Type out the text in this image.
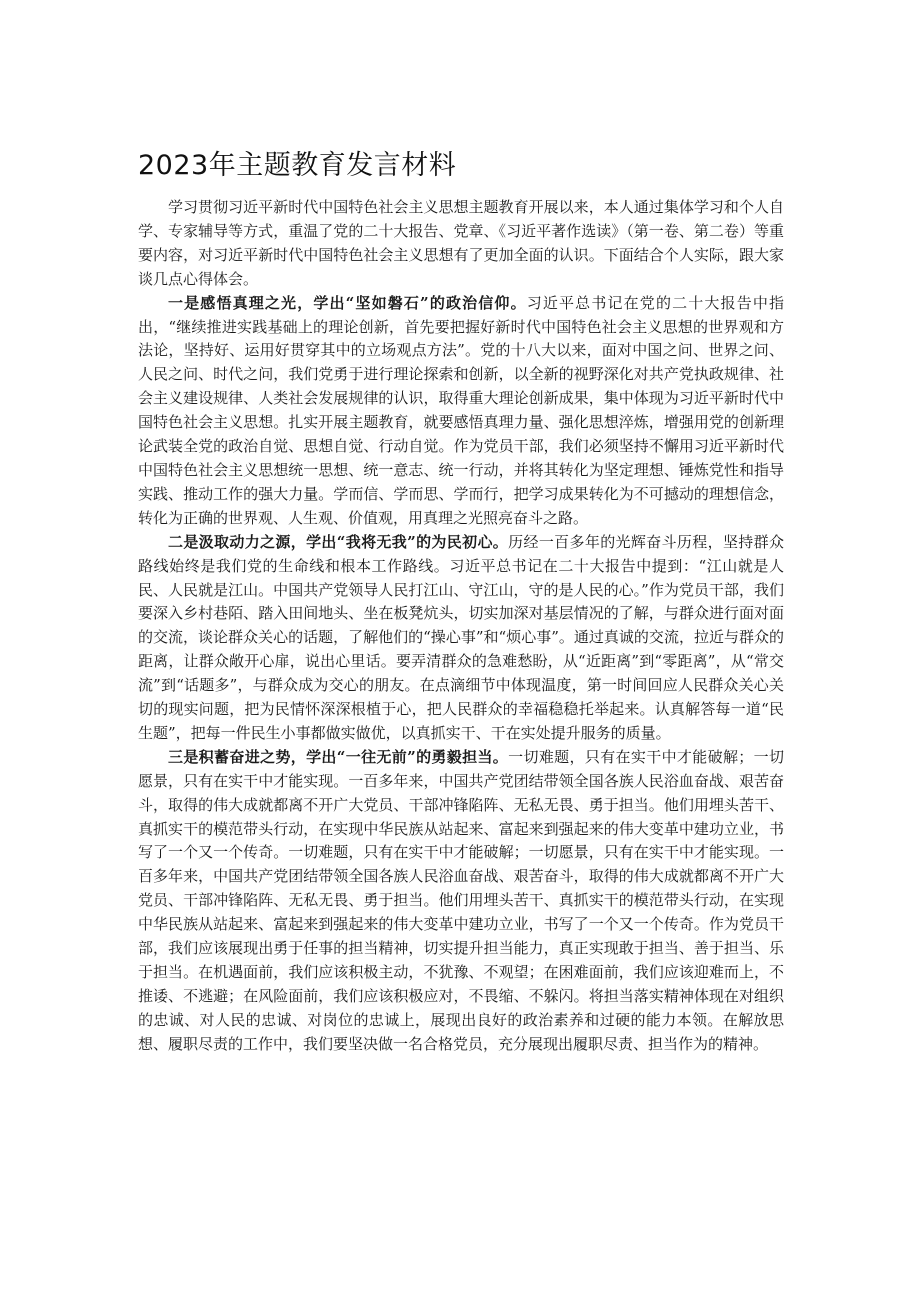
2023年主题教育发言材料

学习贯彻习近平新时代中国特色社会主义思想主题教育开展以来，本人通过集体学习和个人自学、专家辅导等方式，重温了党的二十大报告、党章、《习近平著作选读》（第一卷、第二卷）等重要内容，对习近平新时代中国特色社会主义思想有了更加全面的认识。下面结合个人实际，跟大家谈几点心得体会。

一是感悟真理之光，学出“坚如磐石”的政治信仰。习近平总书记在党的二十大报告中指出，“继续推进实践基础上的理论创新，首先要把握好新时代中国特色社会主义思想的世界观和方法论，坚持好、运用好贯穿其中的立场观点方法”。党的十八大以来，面对中国之问、世界之问、人民之问、时代之问，我们党勇于进行理论探索和创新，以全新的视野深化对共产党执政规律、社会主义建设规律、人类社会发展规律的认识，取得重大理论创新成果，集中体现为习近平新时代中国特色社会主义思想。扎实开展主题教育，就要感悟真理力量、强化思想淬炼，增强用党的创新理论武装全党的政治自觉、思想自觉、行动自觉。作为党员干部，我们必须坚持不懈用习近平新时代中国特色社会主义思想统一思想、统一意志、统一行动，并将其转化为坚定理想、锤炼党性和指导实践、推动工作的强大力量。学而信、学而思、学而行，把学习成果转化为不可撼动的理想信念，转化为正确的世界观、人生观、价值观，用真理之光照亮奋斗之路。

二是汲取动力之源，学出“我将无我”的为民初心。历经一百多年的光辉奋斗历程，坚持群众路线始终是我们党的生命线和根本工作路线。习近平总书记在二十大报告中提到：“江山就是人民、人民就是江山。中国共产党领导人民打江山、守江山，守的是人民的心。”作为党员干部，我们要深入乡村巷陌、踏入田间地头、坐在板凳炕头，切实加深对基层情况的了解，与群众进行面对面的交流，谈论群众关心的话题，了解他们的“操心事”和“烦心事”。通过真诚的交流，拉近与群众的距离，让群众敞开心扉，说出心里话。要弄清群众的急难愁盼，从“近距离”到“零距离”，从“常交流”到“话题多”，与群众成为交心的朋友。在点滴细节中体现温度，第一时间回应人民群众关心关切的现实问题，把为民情怀深深根植于心，把人民群众的幸福稳稳托举起来。认真解答每一道“民生题”，把每一件民生小事都做实做优，以真抓实干、干在实处提升服务的质量。

三是积蓄奋进之势，学出“一往无前”的勇毅担当。一切难题，只有在实干中才能破解；一切愿景，只有在实干中才能实现。一百多年来，中国共产党团结带领全国各族人民浴血奋战、艰苦奋斗，取得的伟大成就都离不开广大党员、干部冲锋陷阵、无私无畏、勇于担当。他们用埋头苦干、真抓实干的模范带头行动，在实现中华民族从站起来、富起来到强起来的伟大变革中建功立业，书写了一个又一个传奇。一切难题，只有在实干中才能破解；一切愿景，只有在实干中才能实现。一百多年来，中国共产党团结带领全国各族人民浴血奋战、艰苦奋斗，取得的伟大成就都离不开广大党员、干部冲锋陷阵、无私无畏、勇于担当。他们用埋头苦干、真抓实干的模范带头行动，在实现中华民族从站起来、富起来到强起来的伟大变革中建功立业，书写了一个又一个传奇。作为党员干部，我们应该展现出勇于任事的担当精神，切实提升担当能力，真正实现敢于担当、善于担当、乐于担当。在机遇面前，我们应该积极主动，不犹豫、不观望；在困难面前，我们应该迎难而上，不推诿、不逃避；在风险面前，我们应该积极应对，不畏缩、不躲闪。将担当落实精神体现在对组织的忠诚、对人民的忠诚、对岗位的忠诚上，展现出良好的政治素养和过硬的能力本领。在解放思想、履职尽责的工作中，我们要坚决做一名合格党员，充分展现出履职尽责、担当作为的精神。
